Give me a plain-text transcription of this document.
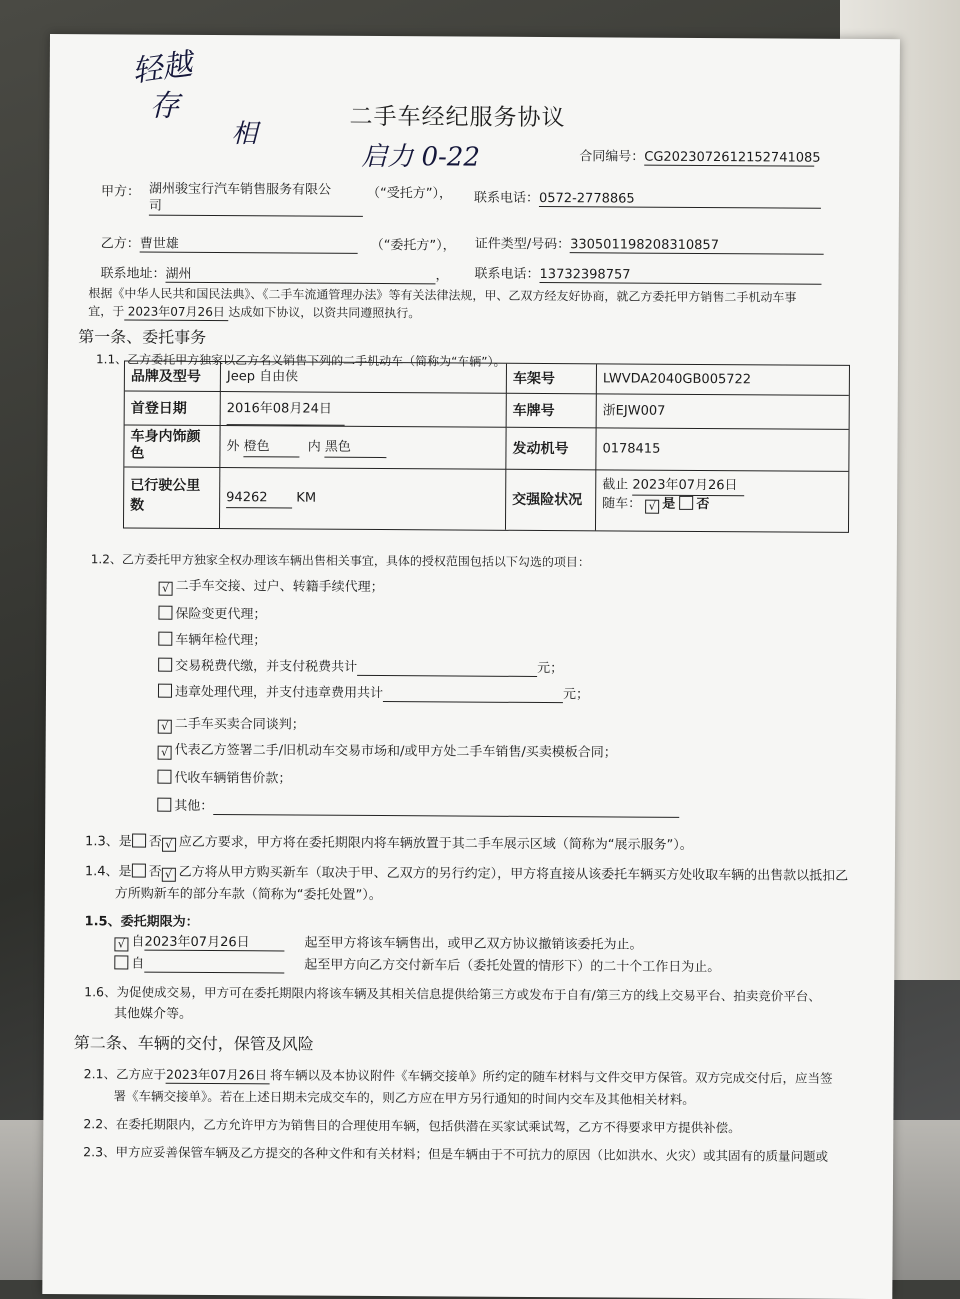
轻越
存
相
启力 0-22
二手车经纪服务协议
合同编号：CG2023072612152741085
甲方： 湖州骏宝行汽车销售服务有限公
司
（“受托方”）， 联系电话：0572-2778865
乙方：曹世雄	（“委托方”）， 证件类型/号码：330501198208310857
联系地址：湖州	， 联系电话：13732398757
根据《中华人民共和国民法典》、《二手车流通管理办法》等有关法律法规，甲、乙双方经友好协商，就乙方委托甲方销售二手机动车事
宜，于 2023年07月26日 达成如下协议，以资共同遵照执行。
第一条、委托事务
1.1、乙方委托甲方独家以乙方名义销售下列的二手机动车（简称为“车辆”）。
品牌及型号	Jeep 自由侠	车架号	LWVDA2040GB005722
首登日期	2016年08月24日	车牌号	浙EJW007
车身内饰颜色	外 橙色	内 黑色	发动机号	0178415
已行驶公里数	94262 KM	交强险状况
截止 2023年07月26日
随车： √ 是 否
1.2、乙方委托甲方独家全权办理该车辆出售相关事宜，具体的授权范围包括以下勾选的项目：
√ 二手车交接、过户、转籍手续代理；
保险变更代理；
车辆年检代理；
交易税费代缴，并支付税费共计	元；
违章处理代理，并支付违章费用共计	元；
√ 二手车买卖合同谈判；
√ 代表乙方签署二手/旧机动车交易市场和/或甲方处二手车销售/买卖模板合同；
代收车辆销售价款；
其他：
1.3、是 否 √ 应乙方要求，甲方将在委托期限内将车辆放置于其二手车展示区域（简称为“展示服务”）。
1.4、是 否 √ 乙方将从甲方购买新车（取决于甲、乙双方的另行约定），甲方将直接从该委托车辆买方处收取车辆的出售款以抵扣乙
方所购新车的部分车款（简称为“委托处置”）。
1.5、委托期限为：
√ 自2023年07月26日	起至甲方将该车辆售出，或甲乙双方协议撤销该委托为止。
自	起至甲方向乙方交付新车后（委托处置的情形下）的二十个工作日为止。
1.6、为促使成交易，甲方可在委托期限内将该车辆及其相关信息提供给第三方或发布于自有/第三方的线上交易平台、拍卖竞价平台、
其他媒介等。
第二条、车辆的交付，保管及风险
2.1、乙方应于2023年07月26日 将车辆以及本协议附件《车辆交接单》所约定的随车材料与文件交甲方保管。双方完成交付后，应当签
署《车辆交接单》。若在上述日期未完成交车的，则乙方应在甲方另行通知的时间内交车及其他相关材料。
2.2、在委托期限内，乙方允许甲方为销售目的合理使用车辆，包括供潜在买家试乘试驾，乙方不得要求甲方提供补偿。
2.3、甲方应妥善保管车辆及乙方提交的各种文件和有关材料；但是车辆由于不可抗力的原因（比如洪水、火灾）或其固有的质量问题或
